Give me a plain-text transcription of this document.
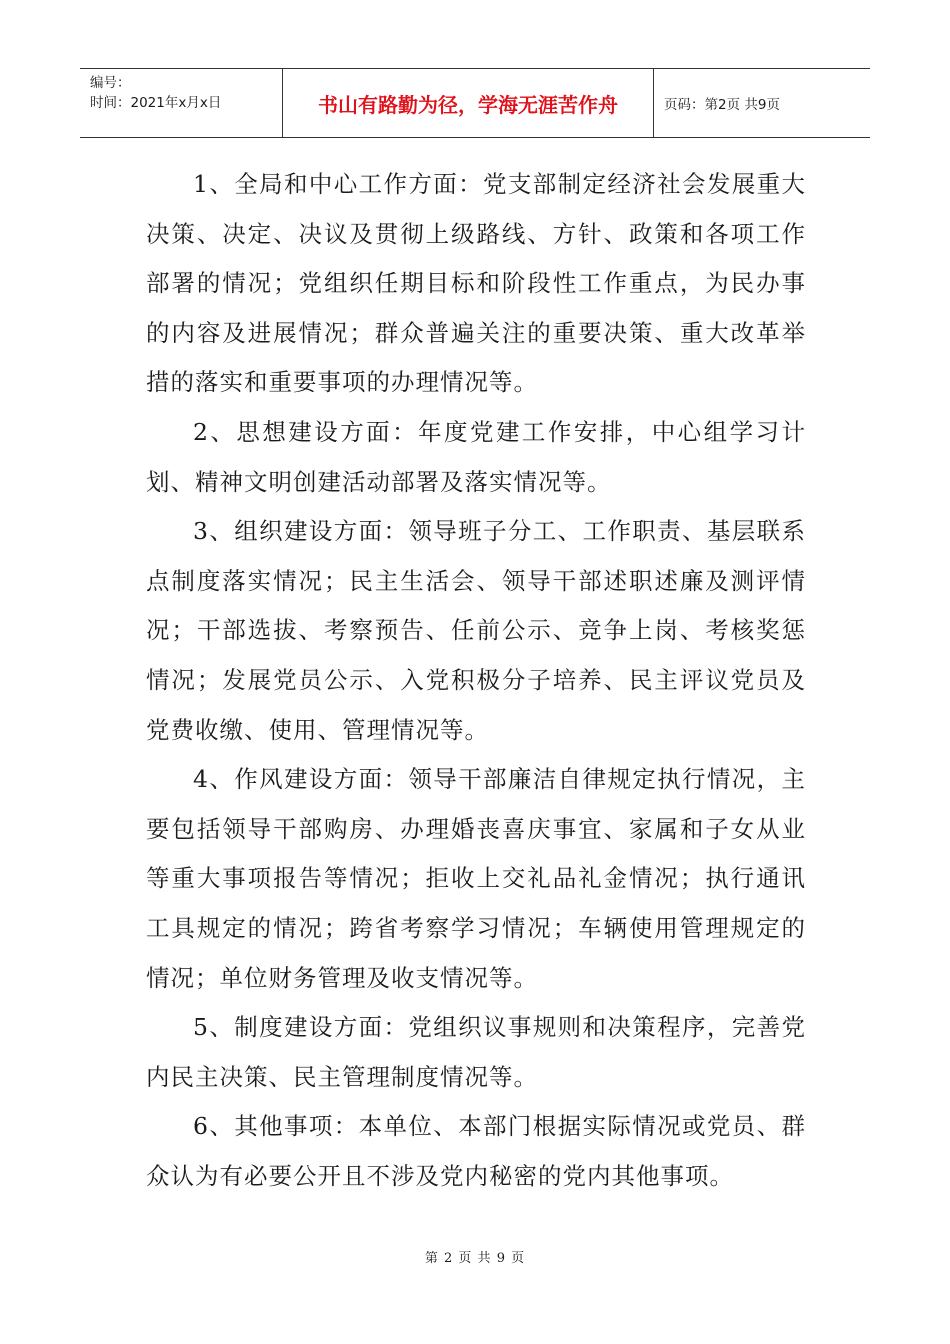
编号：
时间：2021年x月x日	书山有路勤为径，学海无涯苦作舟	页码：第2页 共9页

1、全局和中心工作方面：党支部制定经济社会发展重大决策、决定、决议及贯彻上级路线、方针、政策和各项工作部署的情况；党组织任期目标和阶段性工作重点，为民办事的内容及进展情况；群众普遍关注的重要决策、重大改革举措的落实和重要事项的办理情况等。

2、思想建设方面：年度党建工作安排，中心组学习计划、精神文明创建活动部署及落实情况等。

3、组织建设方面：领导班子分工、工作职责、基层联系点制度落实情况；民主生活会、领导干部述职述廉及测评情况；干部选拔、考察预告、任前公示、竞争上岗、考核奖惩情况；发展党员公示、入党积极分子培养、民主评议党员及党费收缴、使用、管理情况等。

4、作风建设方面：领导干部廉洁自律规定执行情况，主要包括领导干部购房、办理婚丧喜庆事宜、家属和子女从业等重大事项报告等情况；拒收上交礼品礼金情况；执行通讯工具规定的情况；跨省考察学习情况；车辆使用管理规定的情况；单位财务管理及收支情况等。

5、制度建设方面：党组织议事规则和决策程序，完善党内民主决策、民主管理制度情况等。

6、其他事项：本单位、本部门根据实际情况或党员、群众认为有必要公开且不涉及党内秘密的党内其他事项。

第 2 页 共 9 页
